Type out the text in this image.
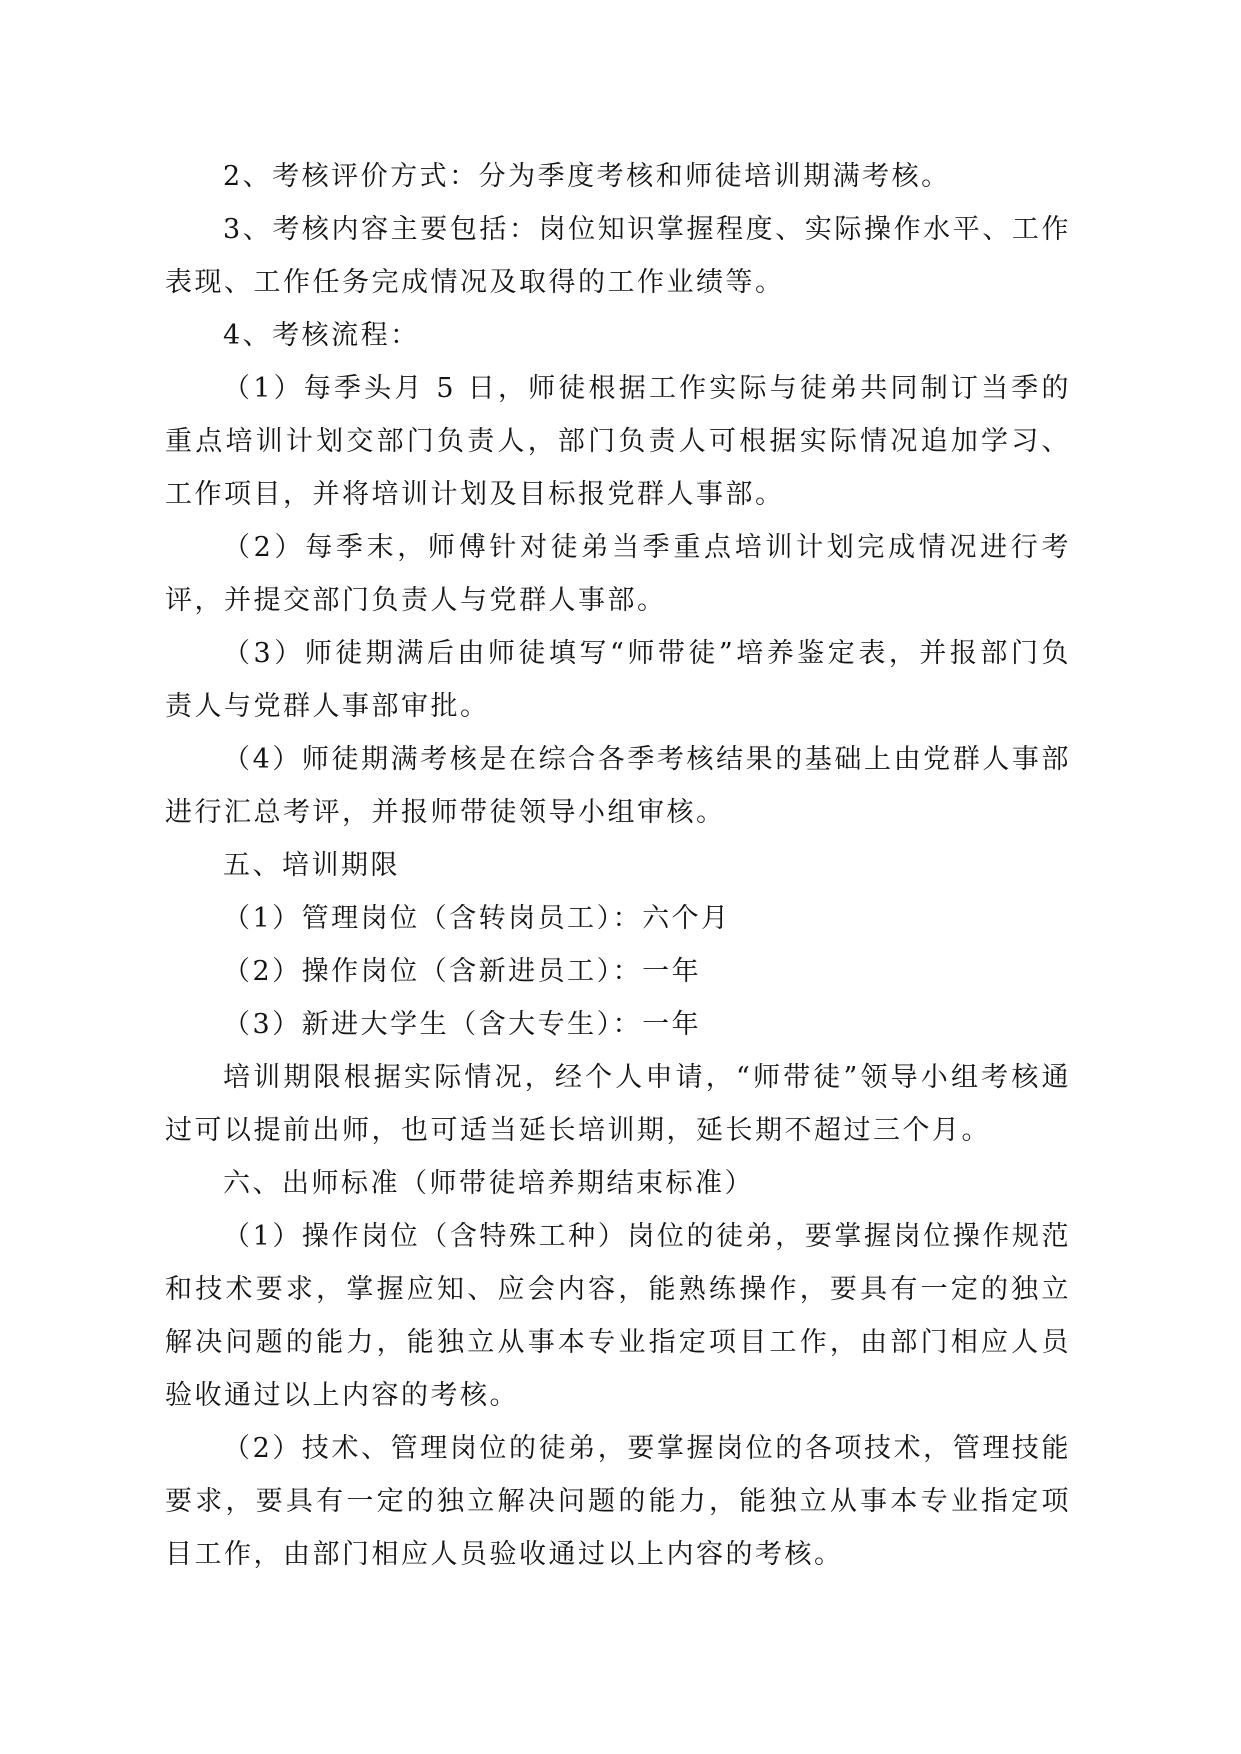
2、考核评价方式：分为季度考核和师徒培训期满考核。

3、考核内容主要包括：岗位知识掌握程度、实际操作水平、工作表现、工作任务完成情况及取得的工作业绩等。

4、考核流程：

（1）每季头月 5 日，师徒根据工作实际与徒弟共同制订当季的重点培训计划交部门负责人，部门负责人可根据实际情况追加学习、工作项目，并将培训计划及目标报党群人事部。

（2）每季末，师傅针对徒弟当季重点培训计划完成情况进行考评，并提交部门负责人与党群人事部。

（3）师徒期满后由师徒填写“师带徒”培养鉴定表，并报部门负责人与党群人事部审批。

（4）师徒期满考核是在综合各季考核结果的基础上由党群人事部进行汇总考评，并报师带徒领导小组审核。

五、培训期限

（1）管理岗位（含转岗员工）：六个月

（2）操作岗位（含新进员工）：一年

（3）新进大学生（含大专生）：一年

培训期限根据实际情况，经个人申请，“师带徒”领导小组考核通过可以提前出师，也可适当延长培训期，延长期不超过三个月。

六、出师标准（师带徒培养期结束标准）

（1）操作岗位（含特殊工种）岗位的徒弟，要掌握岗位操作规范和技术要求，掌握应知、应会内容，能熟练操作，要具有一定的独立解决问题的能力，能独立从事本专业指定项目工作，由部门相应人员验收通过以上内容的考核。

（2）技术、管理岗位的徒弟，要掌握岗位的各项技术，管理技能要求，要具有一定的独立解决问题的能力，能独立从事本专业指定项目工作，由部门相应人员验收通过以上内容的考核。
